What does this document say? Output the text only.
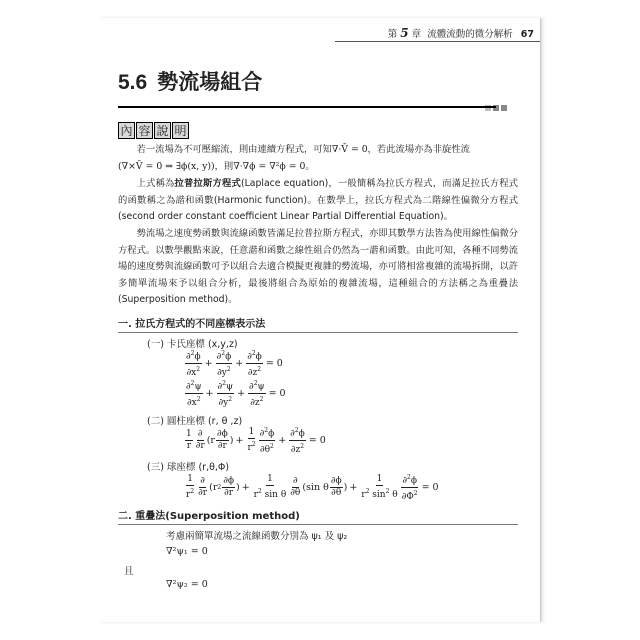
第 5 章 流體流動的微分解析 67
5.6 勢流場組合
內 容 說 明
若一流場為不可壓縮流，則由連續方程式，可知∇·V̄ = 0，若此流場亦為非旋性流
(∇×V̄ = 0 ⇒ ∃ϕ(x, y))，則∇·∇ϕ = ∇²ϕ = 0。
上式稱為拉普拉斯方程式(Laplace equation)，一般簡稱為拉氏方程式，而滿足拉氏方程式的函數稱之為諧和函數(Harmonic function)。在數學上，拉氏方程式為二階線性偏微分方程式(second order constant coefficient Linear Partial Differential Equation)。
勢流場之速度勢函數與流線函數皆滿足拉普拉斯方程式，亦即其數學方法皆為使用線性偏微分方程式。以數學觀點來說，任意諧和函數之線性組合仍然為一諧和函數。由此可知，各種不同勢流場的速度勢與流線函數可予以組合去適合模擬更複雜的勢流場，亦可將相當複雜的流場拆開，以許多簡單流場來予以組合分析，最後將組合為原始的複雜流場，這種組合的方法稱之為重疊法(Superposition method)。
一. 拉氏方程式的不同座標表示法
(一) 卡氏座標 (x,y,z)
$\frac{\partial^2\phi}{\partial x^2} + \frac{\partial^2\phi}{\partial y^2} + \frac{\partial^2\phi}{\partial z^2} = 0$
$\frac{\partial^2\psi}{\partial x^2} + \frac{\partial^2\psi}{\partial y^2} + \frac{\partial^2\psi}{\partial z^2} = 0$
(二) 圓柱座標 (r, θ ,z)
$\frac{1}{r} \frac{\partial}{\partial r} (r \frac{\partial\phi}{\partial r}$ ) + $\frac{1}{r^2} \frac{\partial^2\phi}{\partial\theta^2} + \frac{\partial^2\phi}{\partial z^2} = 0$
(三) 球座標 (r,θ,Φ)
$\frac{1}{r^2} \frac{\partial}{\partial r} (r$ $2 \frac{\partial\phi}{\partial r}$ ) + $\frac{1}{r^2 \sin \theta} \frac{\partial}{\partial\theta} (\sin$ θ $\frac{\partial\phi}{\partial\theta}$ ) + $\frac{1}{r^2 \sin^2 \theta} \frac{\partial^2\phi}{\partial\Phi^2} = 0$
二. 重疊法(Superposition method)
考慮兩簡單流場之流線函數分別為 ψ₁ 及 ψ₂
∇²ψ₁ = 0
且
∇²ψ₂ = 0
